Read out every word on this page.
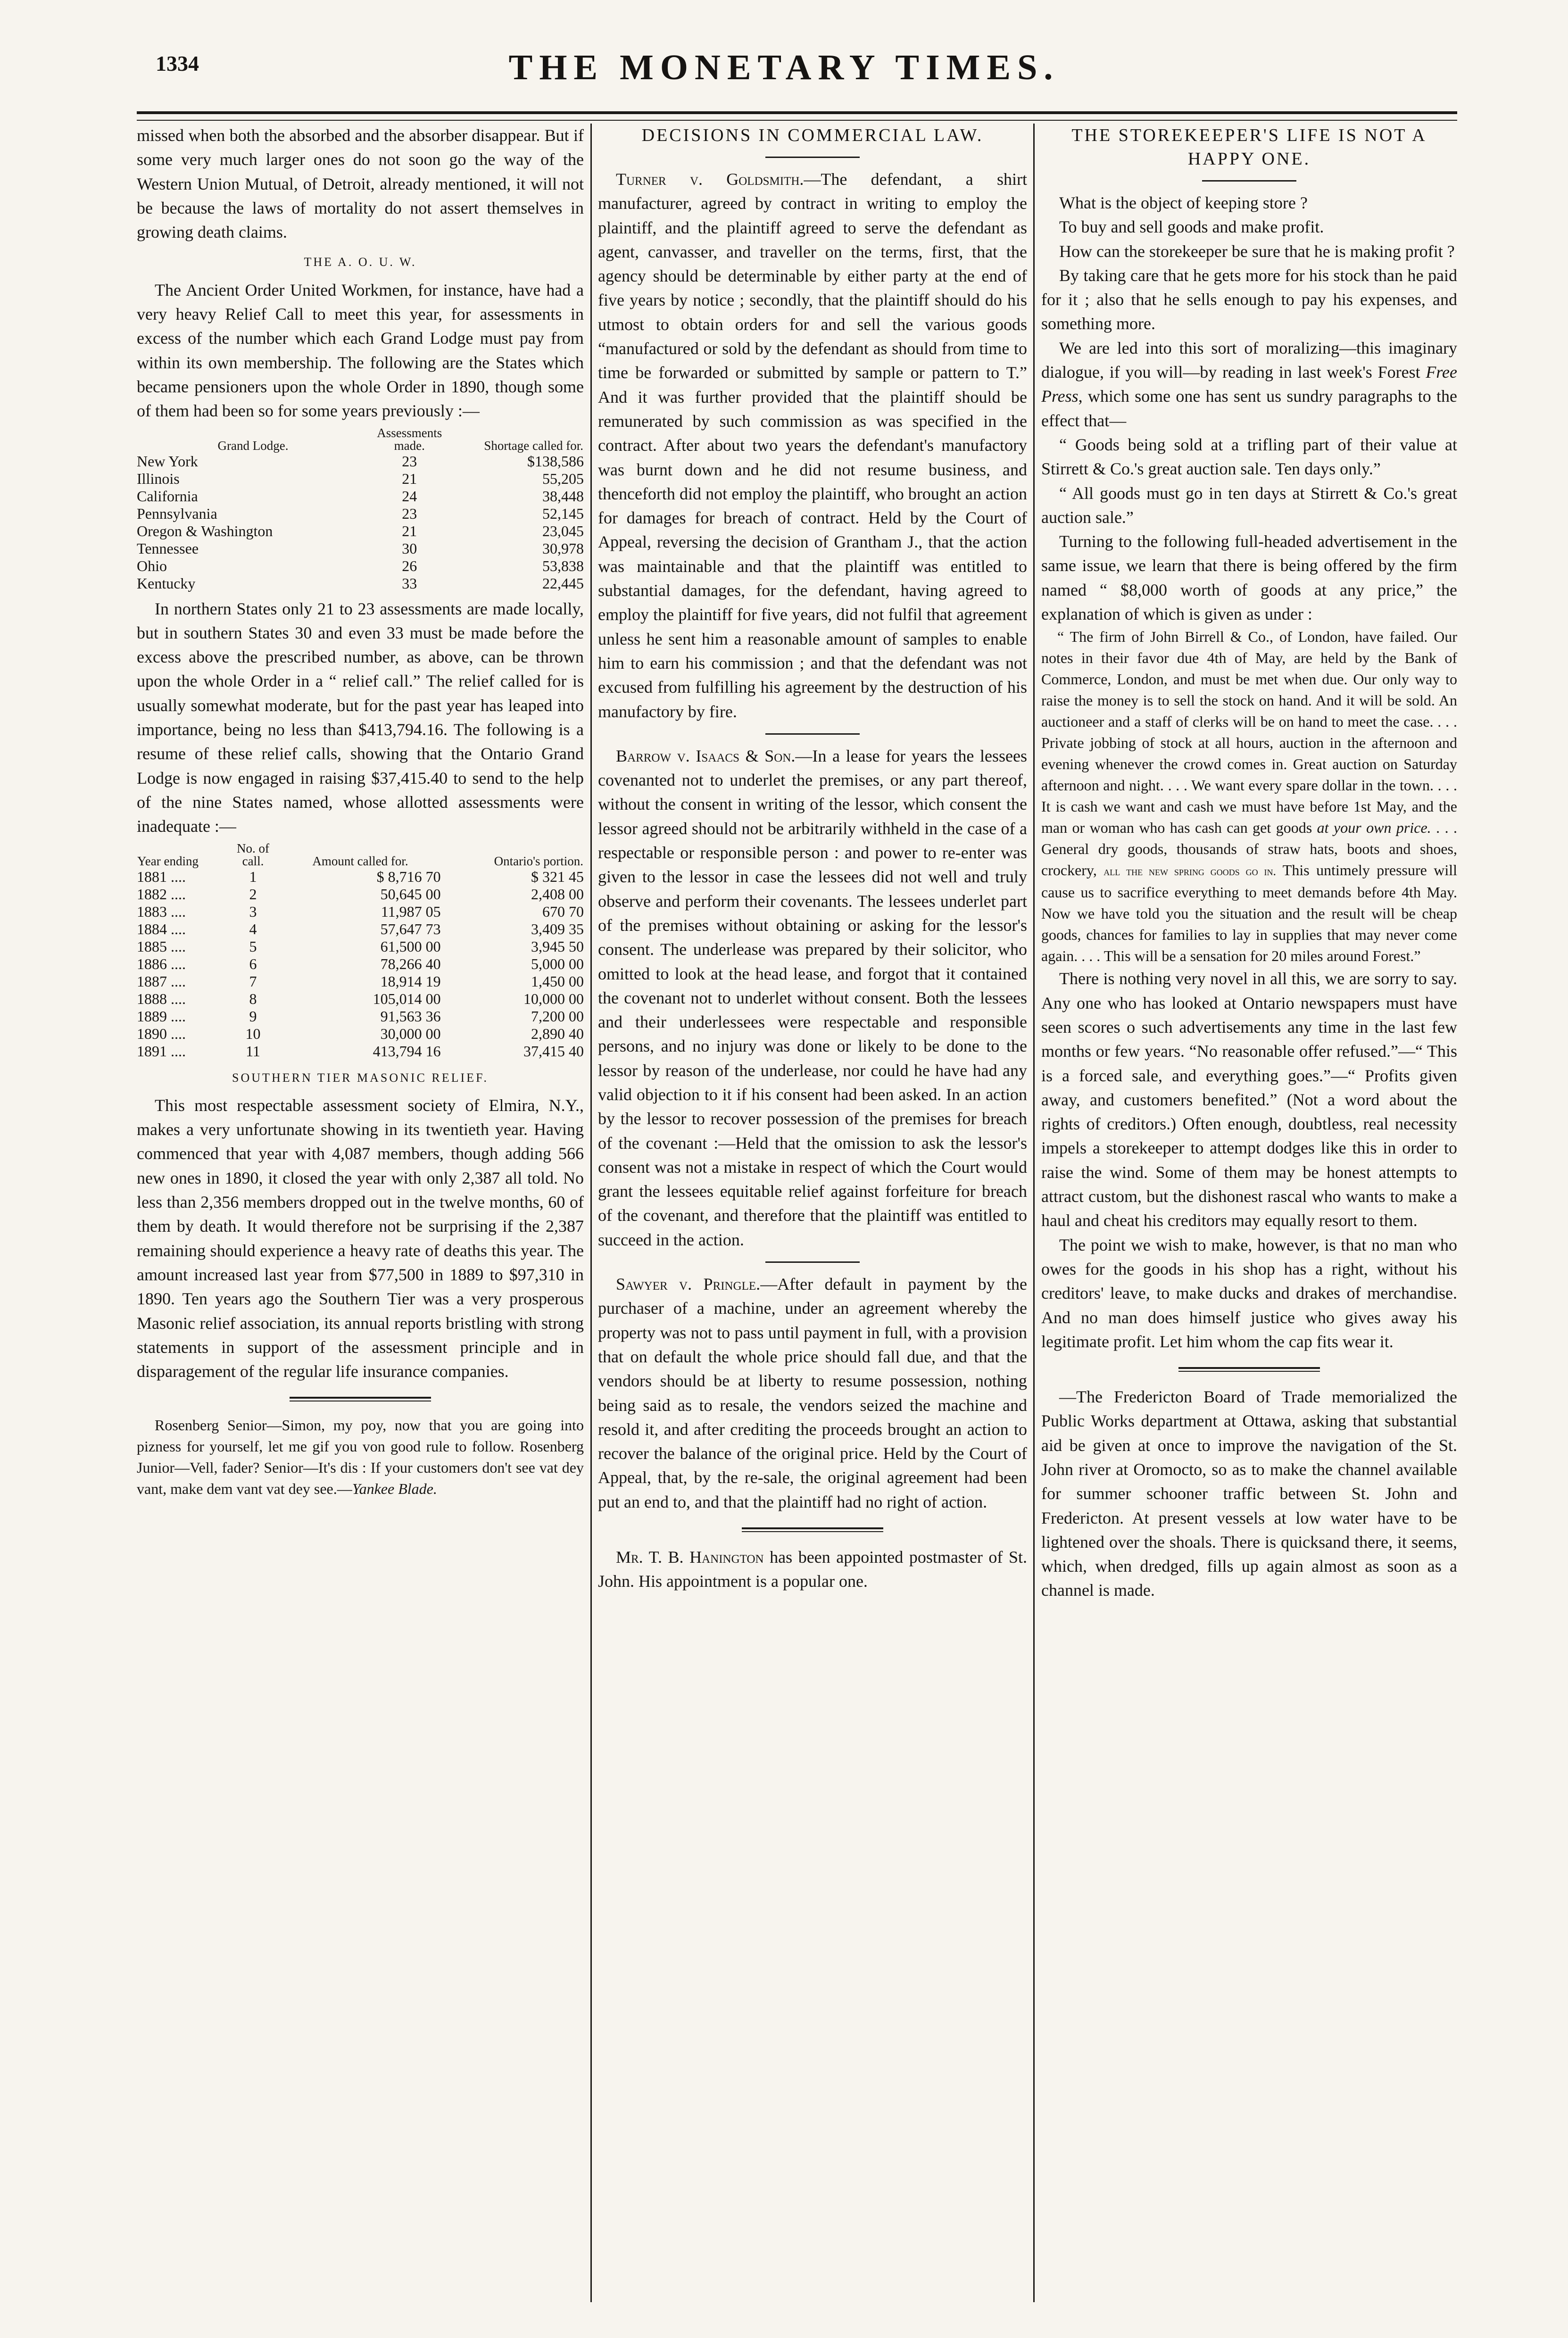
1334	THE MONETARY TIMES.

missed when both the absorbed and the absorber disappear. But if some very much larger ones do not soon go the way of the Western Union Mutual, of Detroit, already mentioned, it will not be because the laws of mortality do not assert themselves in growing death claims.

THE A. O. U. W.

The Ancient Order United Workmen, for instance, have had a very heavy Relief Call to meet this year, for assessments in excess of the number which each Grand Lodge must pay from within its own membership. The following are the States which became pensioners upon the whole Order in 1890, though some of them had been so for some years previously :—

Grand Lodge.	Assessments made.	Shortage called for.
New York	23	$138,586
Illinois	21	55,205
California	24	38,448
Pennsylvania	23	52,145
Oregon & Washington	21	23,045
Tennessee	30	30,978
Ohio	26	53,838
Kentucky	33	22,445

In northern States only 21 to 23 assessments are made locally, but in southern States 30 and even 33 must be made before the excess above the prescribed number, as above, can be thrown upon the whole Order in a “ relief call.” The relief called for is usually somewhat moderate, but for the past year has leaped into importance, being no less than $413,794.16. The following is a resume of these relief calls, showing that the Ontario Grand Lodge is now engaged in raising $37,415.40 to send to the help of the nine States named, whose allotted assessments were inadequate :—

Year ending	No. of call.	Amount called for.	Ontario's portion.
1881 ....	1	$ 8,716 70	$ 321 45
1882 ....	2	50,645 00	2,408 00
1883 ....	3	11,987 05	670 70
1884 ....	4	57,647 73	3,409 35
1885 ....	5	61,500 00	3,945 50
1886 ....	6	78,266 40	5,000 00
1887 ....	7	18,914 19	1,450 00
1888 ....	8	105,014 00	10,000 00
1889 ....	9	91,563 36	7,200 00
1890 ....	10	30,000 00	2,890 40
1891 ....	11	413,794 16	37,415 40
SOUTHERN TIER MASONIC RELIEF.

This most respectable assessment society of Elmira, N.Y., makes a very unfortunate showing in its twentieth year. Having commenced that year with 4,087 members, though adding 566 new ones in 1890, it closed the year with only 2,387 all told. No less than 2,356 members dropped out in the twelve months, 60 of them by death. It would therefore not be surprising if the 2,387 remaining should experience a heavy rate of deaths this year. The amount increased last year from $77,500 in 1889 to $97,310 in 1890. Ten years ago the Southern Tier was a very prosperous Masonic relief association, its annual reports bristling with strong statements in support of the assessment principle and in disparagement of the regular life insurance companies.

Rosenberg Senior—Simon, my poy, now that you are going into pizness for yourself, let me gif you von good rule to follow. Rosenberg Junior—Vell, fader? Senior—It's dis : If your customers don't see vat dey vant, make dem vant vat dey see.—Yankee Blade.

DECISIONS IN COMMERCIAL LAW.

Turner v. Goldsmith.—The defendant, a shirt manufacturer, agreed by contract in writing to employ the plaintiff, and the plaintiff agreed to serve the defendant as agent, canvasser, and traveller on the terms, first, that the agency should be determinable by either party at the end of five years by notice ; secondly, that the plaintiff should do his utmost to obtain orders for and sell the various goods “manufactured or sold by the defendant as should from time to time be forwarded or submitted by sample or pattern to T.” And it was further provided that the plaintiff should be remunerated by such commission as was specified in the contract. After about two years the defendant's manufactory was burnt down and he did not resume business, and thenceforth did not employ the plaintiff, who brought an action for damages for breach of contract. Held by the Court of Appeal, reversing the decision of Grantham J., that the action was maintainable and that the plaintiff was entitled to substantial damages, for the defendant, having agreed to employ the plaintiff for five years, did not fulfil that agreement unless he sent him a reasonable amount of samples to enable him to earn his commission ; and that the defendant was not excused from fulfilling his agreement by the destruction of his manufactory by fire.

Barrow v. Isaacs & Son.—In a lease for years the lessees covenanted not to underlet the premises, or any part thereof, without the consent in writing of the lessor, which consent the lessor agreed should not be arbitrarily withheld in the case of a respectable or responsible person : and power to re-enter was given to the lessor in case the lessees did not well and truly observe and perform their covenants. The lessees underlet part of the premises without obtaining or asking for the lessor's consent. The underlease was prepared by their solicitor, who omitted to look at the head lease, and forgot that it contained the covenant not to underlet without consent. Both the lessees and their underlessees were respectable and responsible persons, and no injury was done or likely to be done to the lessor by reason of the underlease, nor could he have had any valid objection to it if his consent had been asked. In an action by the lessor to recover possession of the premises for breach of the covenant :—Held that the omission to ask the lessor's consent was not a mistake in respect of which the Court would grant the lessees equitable relief against forfeiture for breach of the covenant, and therefore that the plaintiff was entitled to succeed in the action.

Sawyer v. Pringle.—After default in payment by the purchaser of a machine, under an agreement whereby the property was not to pass until payment in full, with a provision that on default the whole price should fall due, and that the vendors should be at liberty to resume possession, nothing being said as to resale, the vendors seized the machine and resold it, and after crediting the proceeds brought an action to recover the balance of the original price. Held by the Court of Appeal, that, by the re-sale, the original agreement had been put an end to, and that the plaintiff had no right of action.

Mr. T. B. Hanington has been appointed postmaster of St. John. His appointment is a popular one.

THE STOREKEEPER'S LIFE IS NOT A HAPPY ONE.

What is the object of keeping store ?

To buy and sell goods and make profit.

How can the storekeeper be sure that he is making profit ?

By taking care that he gets more for his stock than he paid for it ; also that he sells enough to pay his expenses, and something more.

We are led into this sort of moralizing—this imaginary dialogue, if you will—by reading in last week's Forest Free Press, which some one has sent us sundry paragraphs to the effect that—

“ Goods being sold at a trifling part of their value at Stirrett & Co.'s great auction sale. Ten days only.”

“ All goods must go in ten days at Stirrett & Co.'s great auction sale.”

Turning to the following full-headed advertisement in the same issue, we learn that there is being offered by the firm named “ $8,000 worth of goods at any price,” the explanation of which is given as under :

“ The firm of John Birrell & Co., of London, have failed. Our notes in their favor due 4th of May, are held by the Bank of Commerce, London, and must be met when due. Our only way to raise the money is to sell the stock on hand. And it will be sold. An auctioneer and a staff of clerks will be on hand to meet the case. . . . Private jobbing of stock at all hours, auction in the afternoon and evening whenever the crowd comes in. Great auction on Saturday afternoon and night. . . . We want every spare dollar in the town. . . . It is cash we want and cash we must have before 1st May, and the man or woman who has cash can get goods at your own price. . . . General dry goods, thousands of straw hats, boots and shoes, crockery, all the new spring goods go in. This untimely pressure will cause us to sacrifice everything to meet demands before 4th May. Now we have told you the situation and the result will be cheap goods, chances for families to lay in supplies that may never come again. . . . This will be a sensation for 20 miles around Forest.”

There is nothing very novel in all this, we are sorry to say. Any one who has looked at Ontario newspapers must have seen scores o such advertisements any time in the last few months or few years. “No reasonable offer refused.”—“ This is a forced sale, and everything goes.”—“ Profits given away, and customers benefited.” (Not a word about the rights of creditors.) Often enough, doubtless, real necessity impels a storekeeper to attempt dodges like this in order to raise the wind. Some of them may be honest attempts to attract custom, but the dishonest rascal who wants to make a haul and cheat his creditors may equally resort to them.

The point we wish to make, however, is that no man who owes for the goods in his shop has a right, without his creditors' leave, to make ducks and drakes of merchandise. And no man does himself justice who gives away his legitimate profit. Let him whom the cap fits wear it.

—The Fredericton Board of Trade memorialized the Public Works department at Ottawa, asking that substantial aid be given at once to improve the navigation of the St. John river at Oromocto, so as to make the channel available for summer schooner traffic between St. John and Fredericton. At present vessels at low water have to be lightened over the shoals. There is quicksand there, it seems, which, when dredged, fills up again almost as soon as a channel is made.
